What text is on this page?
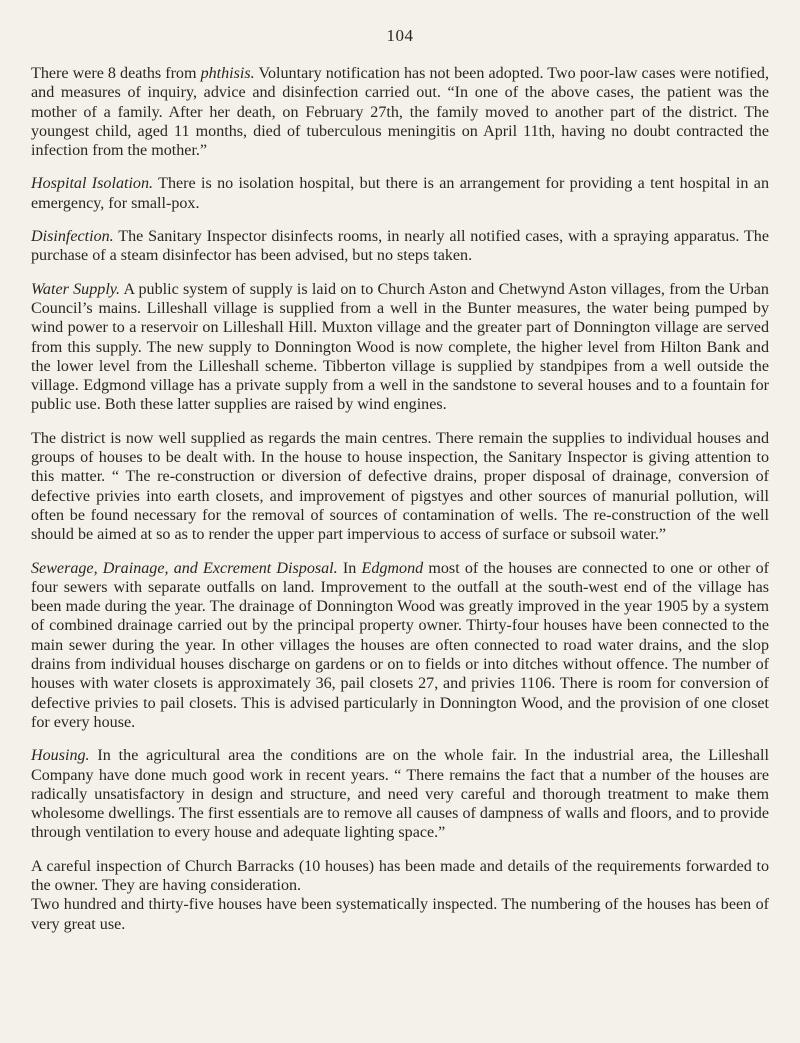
104

There were 8 deaths from phthisis. Voluntary notification has not been adopted. Two poor-law cases were notified, and measures of inquiry, advice and disinfection carried out. “In one of the above cases, the patient was the mother of a family. After her death, on February 27th, the family moved to another part of the district. The youngest child, aged 11 months, died of tuberculous meningitis on April 11th, having no doubt contracted the infection from the mother.”

Hospital Isolation. There is no isolation hospital, but there is an arrangement for providing a tent hospital in an emergency, for small-pox.

Disinfection. The Sanitary Inspector disinfects rooms, in nearly all notified cases, with a spraying apparatus. The purchase of a steam disinfector has been advised, but no steps taken.

Water Supply. A public system of supply is laid on to Church Aston and Chetwynd Aston villages, from the Urban Council’s mains. Lilleshall village is supplied from a well in the Bunter measures, the water being pumped by wind power to a reservoir on Lilleshall Hill. Muxton village and the greater part of Donnington village are served from this supply. The new supply to Donnington Wood is now complete, the higher level from Hilton Bank and the lower level from the Lilleshall scheme. Tibberton village is supplied by standpipes from a well outside the village. Edgmond village has a private supply from a well in the sandstone to several houses and to a fountain for public use. Both these latter supplies are raised by wind engines.

The district is now well supplied as regards the main centres. There remain the supplies to individual houses and groups of houses to be dealt with. In the house to house inspection, the Sanitary Inspector is giving attention to this matter. “ The re-construction or diversion of defective drains, proper disposal of drainage, conversion of defective privies into earth closets, and improvement of pigstyes and other sources of manurial pollution, will often be found necessary for the removal of sources of contamination of wells. The re-construction of the well should be aimed at so as to render the upper part impervious to access of surface or subsoil water.”

Sewerage, Drainage, and Excrement Disposal. In Edgmond most of the houses are connected to one or other of four sewers with separate outfalls on land. Improvement to the outfall at the south-west end of the village has been made during the year. The drainage of Donnington Wood was greatly improved in the year 1905 by a system of combined drainage carried out by the principal property owner. Thirty-four houses have been connected to the main sewer during the year. In other villages the houses are often connected to road water drains, and the slop drains from individual houses discharge on gardens or on to fields or into ditches without offence. The number of houses with water closets is approximately 36, pail closets 27, and privies 1106. There is room for conversion of defective privies to pail closets. This is advised particularly in Donnington Wood, and the provision of one closet for every house.

Housing. In the agricultural area the conditions are on the whole fair. In the industrial area, the Lilleshall Company have done much good work in recent years. “ There remains the fact that a number of the houses are radically unsatisfactory in design and structure, and need very careful and thorough treatment to make them wholesome dwellings. The first essentials are to remove all causes of dampness of walls and floors, and to provide through ventilation to every house and adequate lighting space.”

A careful inspection of Church Barracks (10 houses) has been made and details of the requirements forwarded to the owner. They are having consideration.

Two hundred and thirty-five houses have been systematically inspected. The numbering of the houses has been of very great use.
